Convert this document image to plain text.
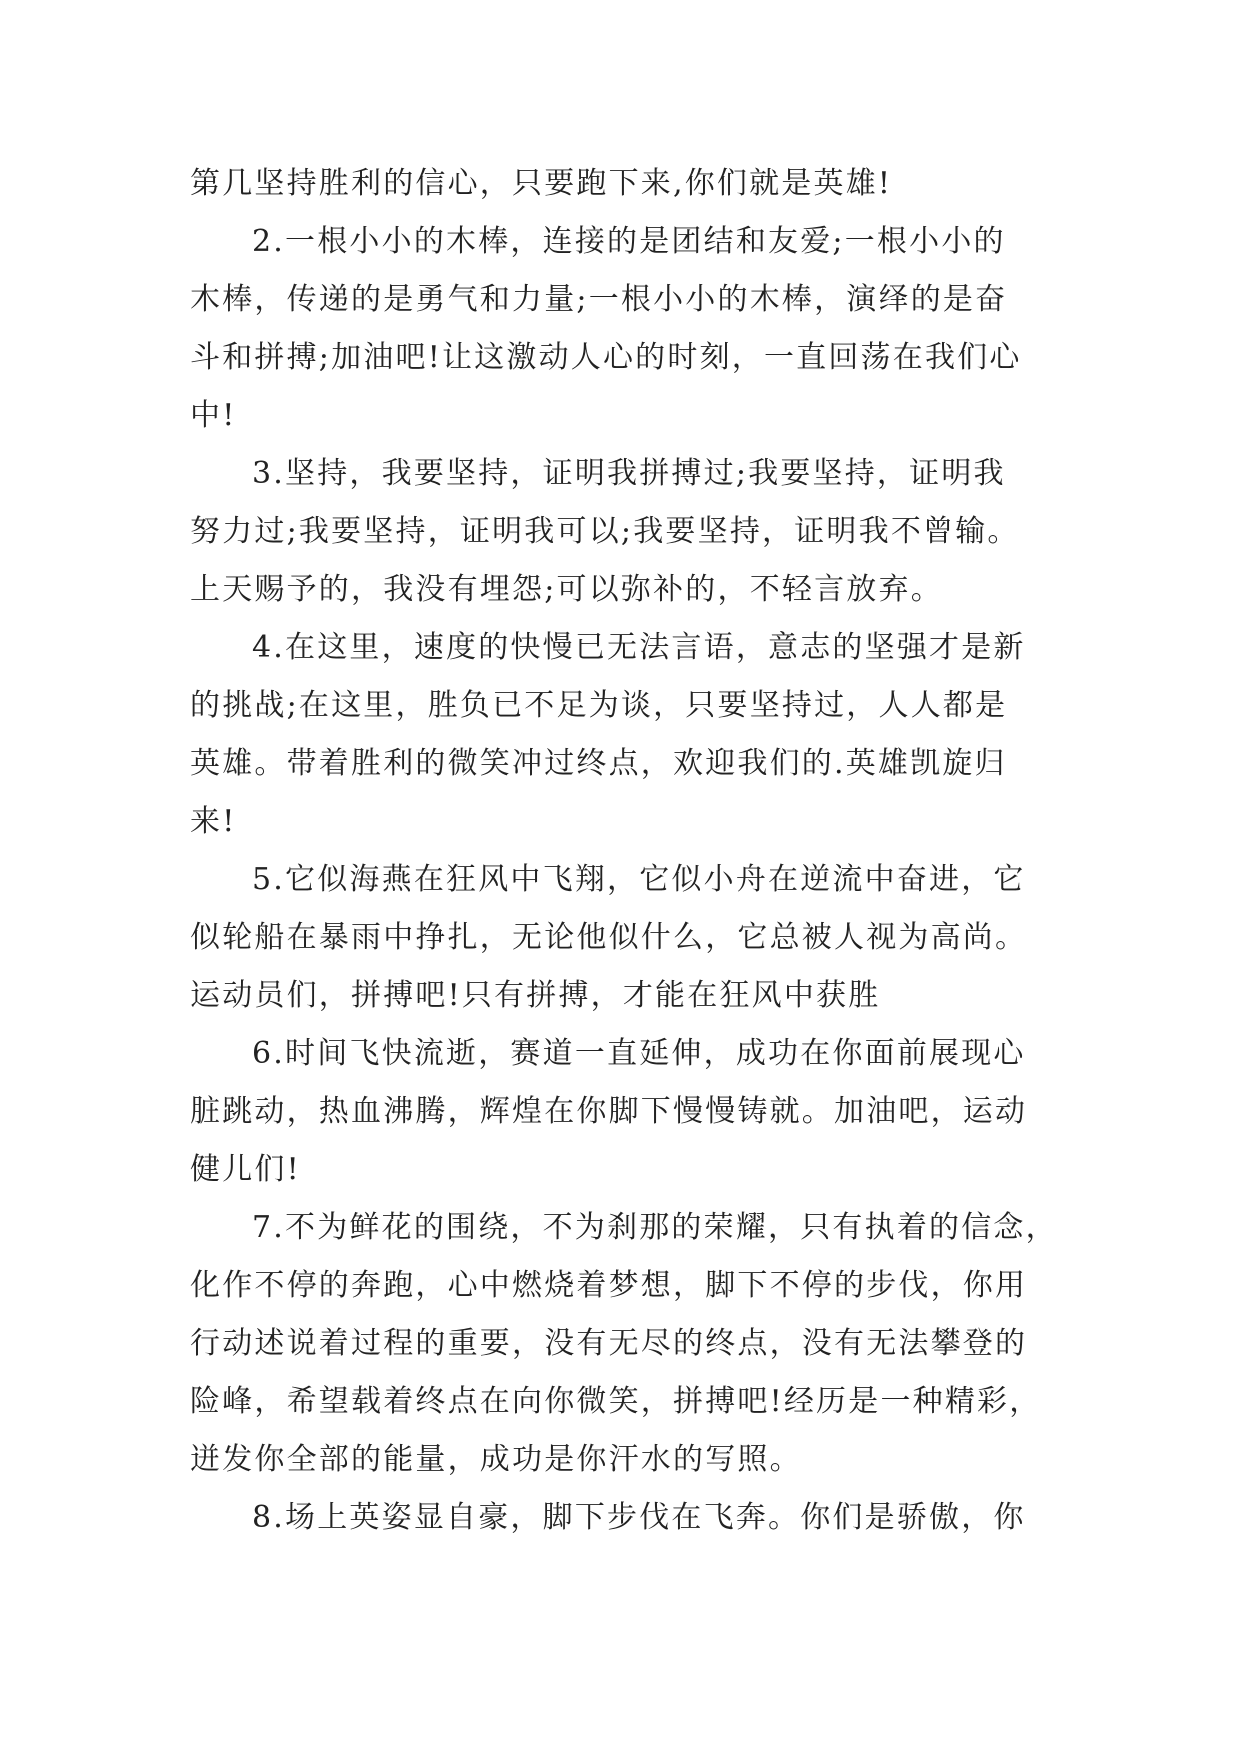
第几坚持胜利的信心，只要跑下来,你们就是英雄!
2.一根小小的木棒，连接的是团结和友爱;一根小小的
木棒，传递的是勇气和力量;一根小小的木棒，演绎的是奋
斗和拼搏;加油吧!让这激动人心的时刻，一直回荡在我们心
中!
3.坚持，我要坚持，证明我拼搏过;我要坚持，证明我
努力过;我要坚持，证明我可以;我要坚持，证明我不曾输。
上天赐予的，我没有埋怨;可以弥补的，不轻言放弃。
4.在这里，速度的快慢已无法言语，意志的坚强才是新
的挑战;在这里，胜负已不足为谈，只要坚持过，人人都是
英雄。带着胜利的微笑冲过终点，欢迎我们的.英雄凯旋归
来!
5.它似海燕在狂风中飞翔，它似小舟在逆流中奋进，它
似轮船在暴雨中挣扎，无论他似什么，它总被人视为高尚。
运动员们，拼搏吧!只有拼搏，才能在狂风中获胜
6.时间飞快流逝，赛道一直延伸，成功在你面前展现心
脏跳动，热血沸腾，辉煌在你脚下慢慢铸就。加油吧，运动
健儿们!
7.不为鲜花的围绕，不为刹那的荣耀，只有执着的信念，
化作不停的奔跑，心中燃烧着梦想，脚下不停的步伐，你用
行动述说着过程的重要，没有无尽的终点，没有无法攀登的
险峰，希望载着终点在向你微笑，拼搏吧!经历是一种精彩，
迸发你全部的能量，成功是你汗水的写照。
8.场上英姿显自豪，脚下步伐在飞奔。你们是骄傲，你
